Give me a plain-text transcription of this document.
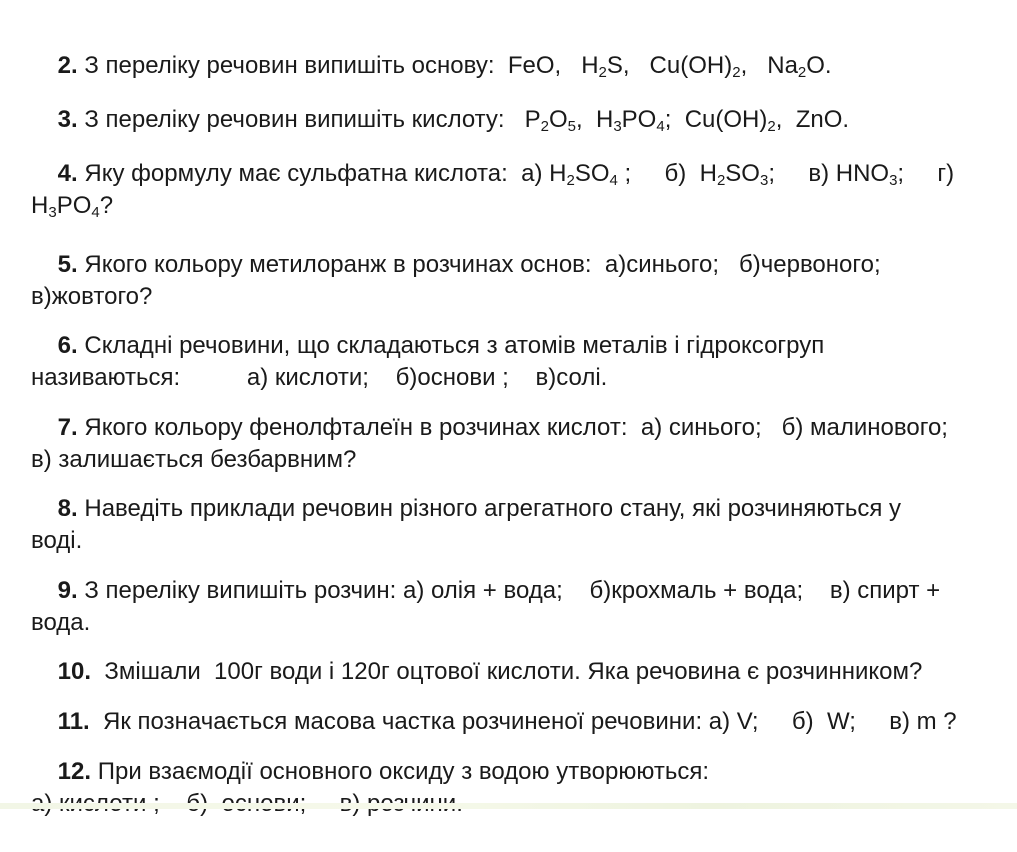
2. З переліку речовин випишіть основу:  FeO,   $H_2S$,   $Cu(OH)_2$,   $Na_2O$.

3. З переліку речовин випишіть кислоту:   $P_2O_5$,  $H_3PO_4$;  $Cu(OH)_2$,  ZnO.

4. Яку формулу має сульфатна кислота:  а) $H_2SO_4$ ;     б)  $H_2SO_3$;     в) $HNO_3$;     г)
$H_3PO_4$?

5. Якого кольору метилоранж в розчинах основ:  а)синього;   б)червоного;
в)жовтого?

6. Складні речовини, що складаються з атомів металів і гідроксогруп
називаються:          а) кислоти;    б)основи ;    в)солі.

7. Якого кольору фенолфталеїн в розчинах кислот:  а) синього;   б) малинового;
в) залишається безбарвним?

8. Наведіть приклади речовин різного агрегатного стану, які розчиняються у
воді.

9. З переліку випишіть розчин: а) олія + вода;    б)крохмаль + вода;    в) спирт +
вода.

10.  Змішали  100г води і 120г оцтової кислоти. Яка речовина є розчинником?

11.  Як позначається масова частка розчиненої речовини: а) V;     б)  W;     в) m ?

12. При взаємодії основного оксиду з водою утворюються:
